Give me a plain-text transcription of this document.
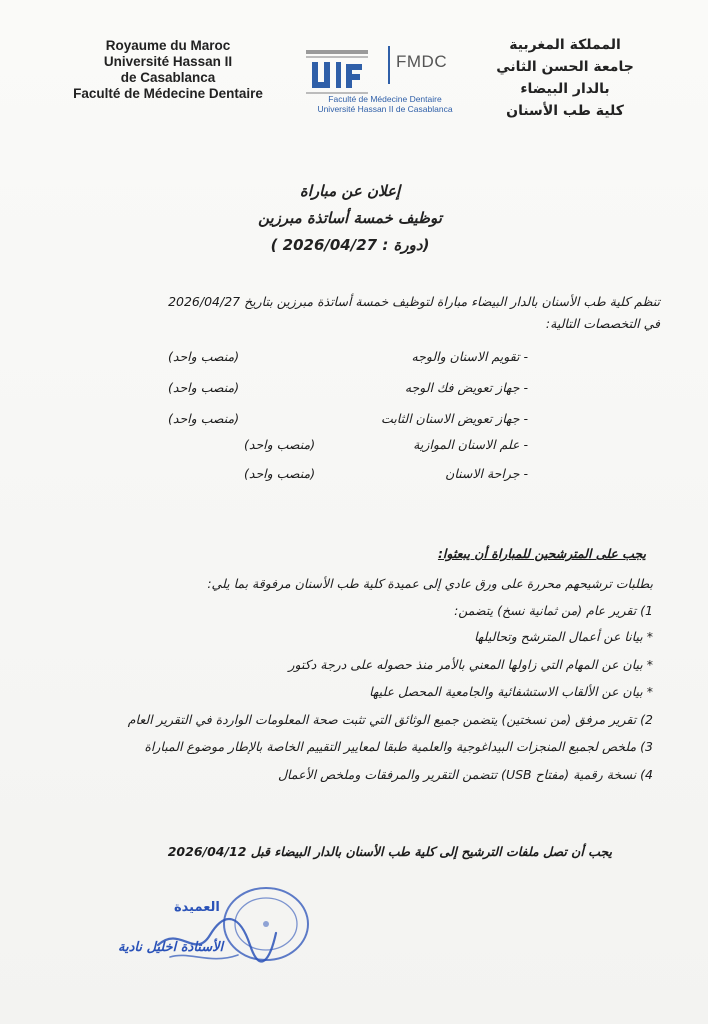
Royaume du Maroc
Université Hassan II
de Casablanca
Faculté de Médecine Dentaire
FMDC
Faculté de Médecine Dentaire
Université Hassan II de Casablanca
المملكة المغربية
جامعة الحسن الثاني
بالدار البيضاء
كلية طب الأسنان
إعلان عن مباراة
توظيف خمسة أساتذة مبرزين
(دورة : 2026/04/27 )
تنظم كلية طب الأسنان بالدار البيضاء مباراة لتوظيف خمسة أساتذة مبرزين بتاريخ 2026/04/27
في التخصصات التالية:
- تقويم الاسنان والوجه
(منصب واحد)
- جهاز تعويض فك الوجه
(منصب واحد)
- جهاز تعويض الاسنان الثابت
(منصب واحد)
- علم الاسنان الموازية
(منصب واحد)
- جراحة الاسنان
(منصب واحد)
يجب على المترشحين للمباراة أن يبعثوا:
بطلبات ترشيحهم محررة على ورق عادي إلى عميدة كلية طب الأسنان مرفوقة بما يلي:
1) تقرير عام (من ثمانية نسخ) يتضمن:
* بيانا عن أعمال المترشح وتحاليلها
* بيان عن المهام التي زاولها المعني بالأمر منذ حصوله على درجة دكتور
* بيان عن الألقاب الاستشفائية والجامعية المحصل عليها
2) تقرير مرفق (من نسختين) يتضمن جميع الوثائق التي تثبت صحة المعلومات الواردة في التقرير العام
3) ملخص لجميع المنجزات البيداغوجية والعلمية طبقا لمعايير التقييم الخاصة بالإطار موضوع المباراة
4) نسخة رقمية (مفتاح USB) تتضمن التقرير والمرفقات وملخص الأعمال
يجب أن تصل ملفات الترشيح إلى كلية طب الأسنان بالدار البيضاء قبل 2026/04/12
العميدة
الأستاذة اخليل نادية
